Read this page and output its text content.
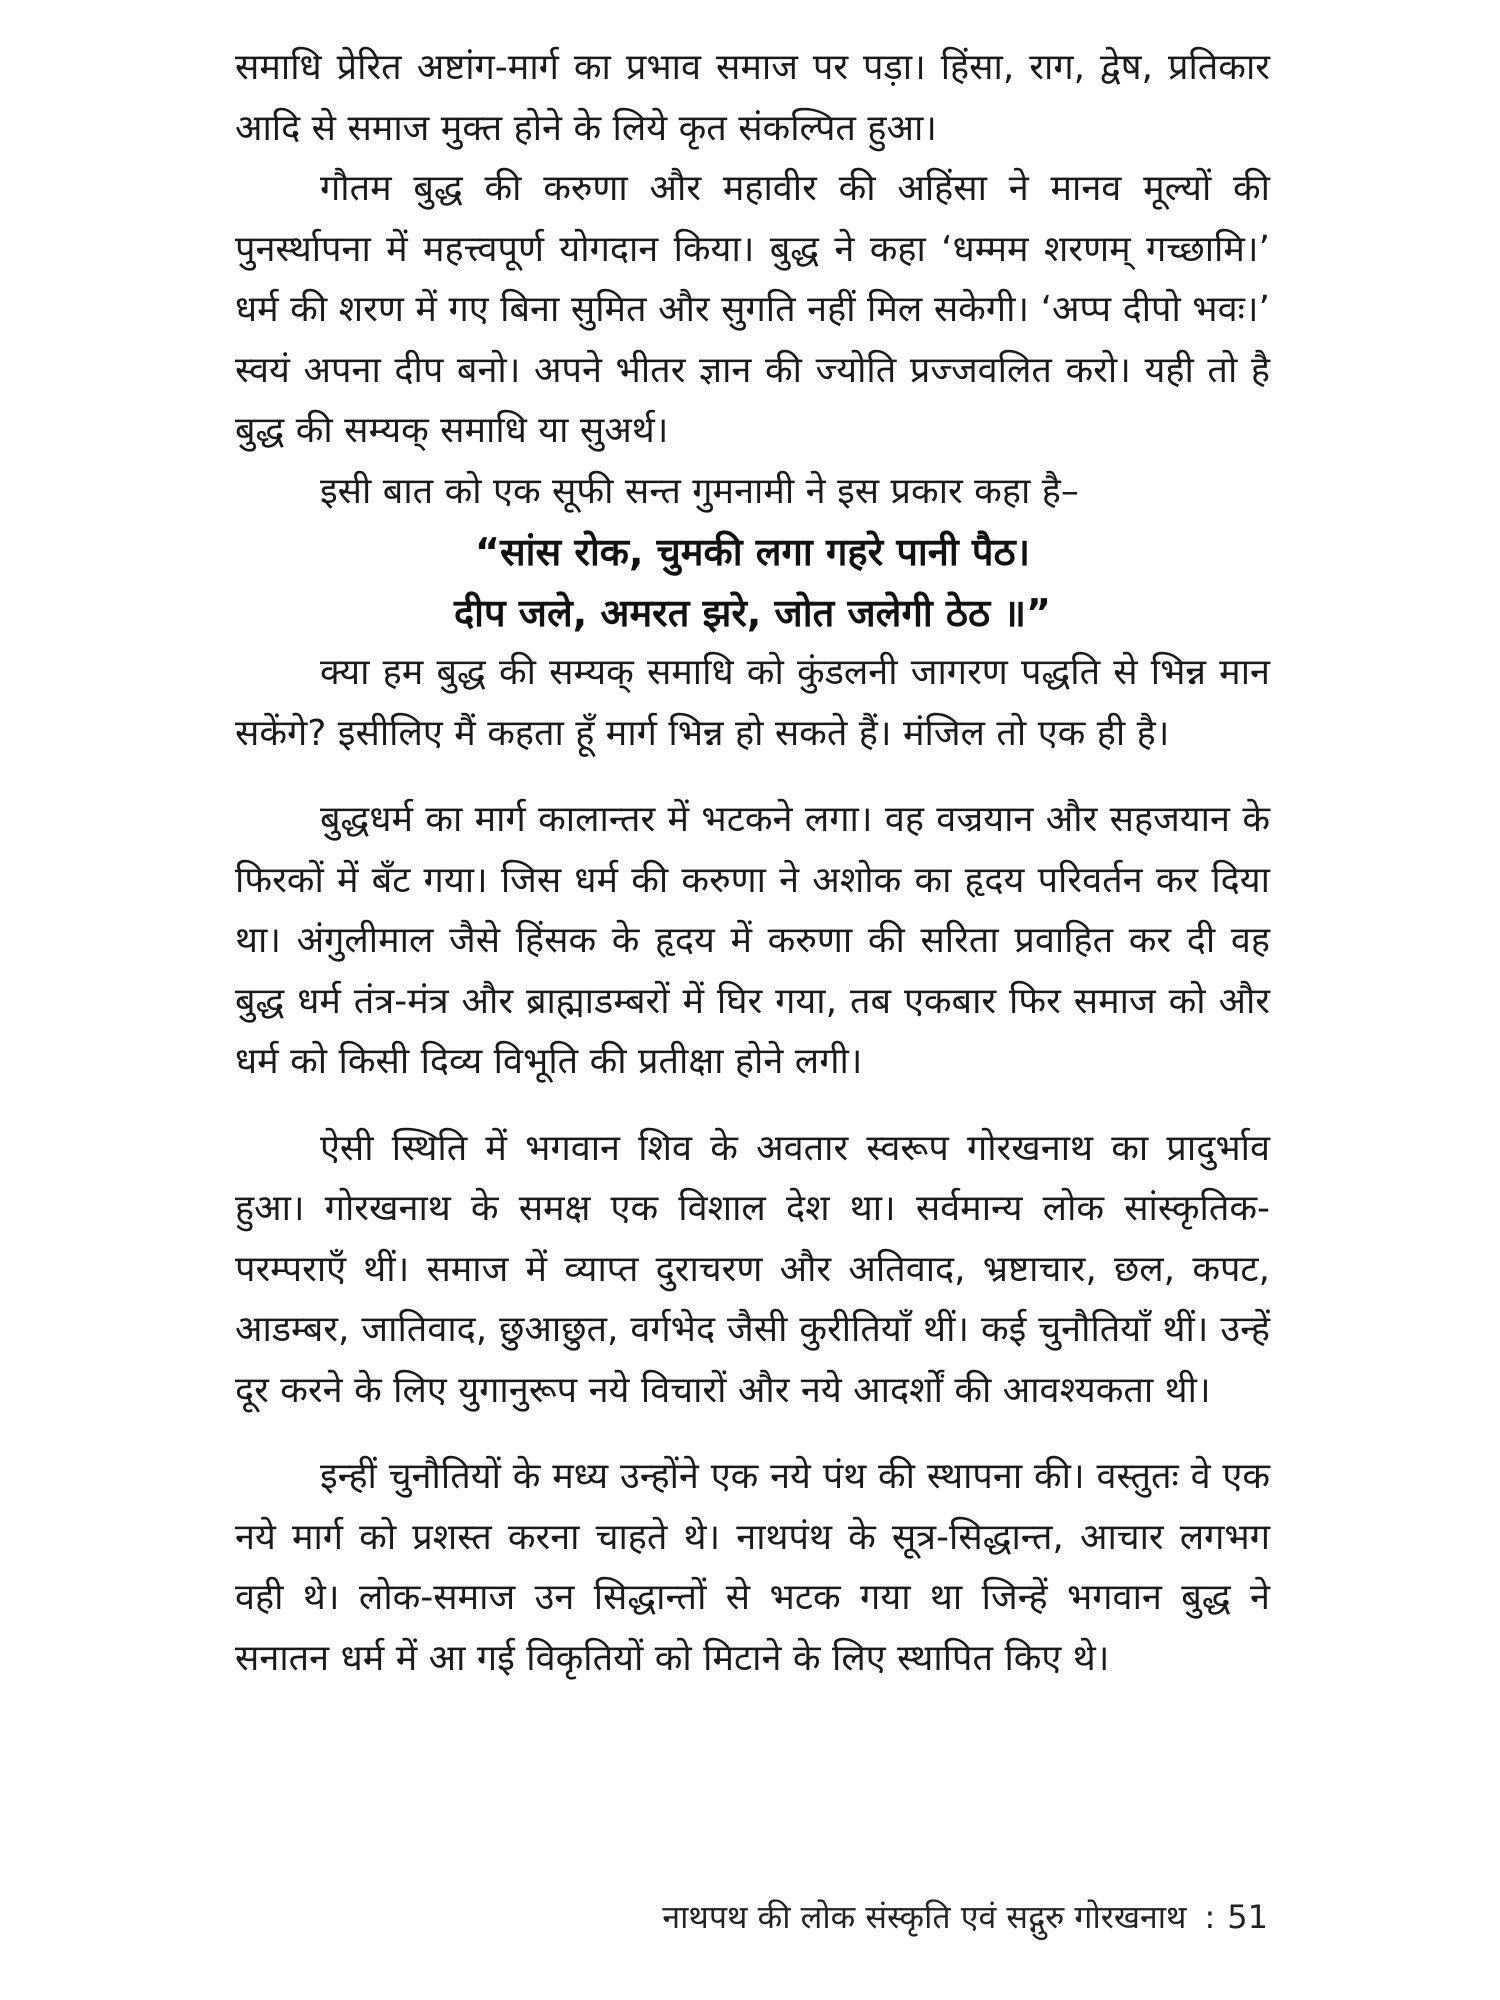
समाधि प्रेरित अष्टांग-मार्ग का प्रभाव समाज पर पड़ा। हिंसा, राग, द्वेष, प्रतिकार आदि से समाज मुक्त होने के लिये कृत संकल्पित हुआ।

गौतम बुद्ध की करुणा और महावीर की अहिंसा ने मानव मूल्यों की पुनर्स्थापना में महत्त्वपूर्ण योगदान किया। बुद्ध ने कहा ‘धम्मम शरणम् गच्छामि।’ धर्म की शरण में गए बिना सुमित और सुगति नहीं मिल सकेगी। ‘अप्प दीपो भवः।’ स्वयं अपना दीप बनो। अपने भीतर ज्ञान की ज्योति प्रज्जवलित करो। यही तो है बुद्ध की सम्यक् समाधि या सुअर्थ।

इसी बात को एक सूफी सन्त गुमनामी ने इस प्रकार कहा है–

“सांस रोक, चुमकी लगा गहरे पानी पैठ।

दीप जले, अमरत झरे, जोत जलेगी ठेठ ॥”

क्या हम बुद्ध की सम्यक् समाधि को कुंडलनी जागरण पद्धति से भिन्न मान सकेंगे? इसीलिए मैं कहता हूँ मार्ग भिन्न हो सकते हैं। मंजिल तो एक ही है।

बुद्धधर्म का मार्ग कालान्तर में भटकने लगा। वह वज्रयान और सहजयान के फिरकों में बँट गया। जिस धर्म की करुणा ने अशोक का हृदय परिवर्तन कर दिया था। अंगुलीमाल जैसे हिंसक के हृदय में करुणा की सरिता प्रवाहित कर दी वह बुद्ध धर्म तंत्र-मंत्र और ब्राह्माडम्बरों में घिर गया, तब एकबार फिर समाज को और धर्म को किसी दिव्य विभूति की प्रतीक्षा होने लगी।

ऐसी स्थिति में भगवान शिव के अवतार स्वरूप गोरखनाथ का प्रादुर्भाव हुआ। गोरखनाथ के समक्ष एक विशाल देश था। सर्वमान्य लोक सांस्कृतिक-परम्पराएँ थीं। समाज में व्याप्त दुराचरण और अतिवाद, भ्रष्टाचार, छल, कपट, आडम्बर, जातिवाद, छुआछुत, वर्गभेद जैसी कुरीतियाँ थीं। कई चुनौतियाँ थीं। उन्हें दूर करने के लिए युगानुरूप नये विचारों और नये आदर्शों की आवश्यकता थी।

इन्हीं चुनौतियों के मध्य उन्होंने एक नये पंथ की स्थापना की। वस्तुतः वे एक नये मार्ग को प्रशस्त करना चाहते थे। नाथपंथ के सूत्र-सिद्धान्त, आचार लगभग वही थे। लोक-समाज उन सिद्धान्तों से भटक गया था जिन्हें भगवान बुद्ध ने सनातन धर्म में आ गई विकृतियों को मिटाने के लिए स्थापित किए थे।

नाथपथ की लोक संस्कृति एवं सद्गुरु गोरखनाथ : 51
